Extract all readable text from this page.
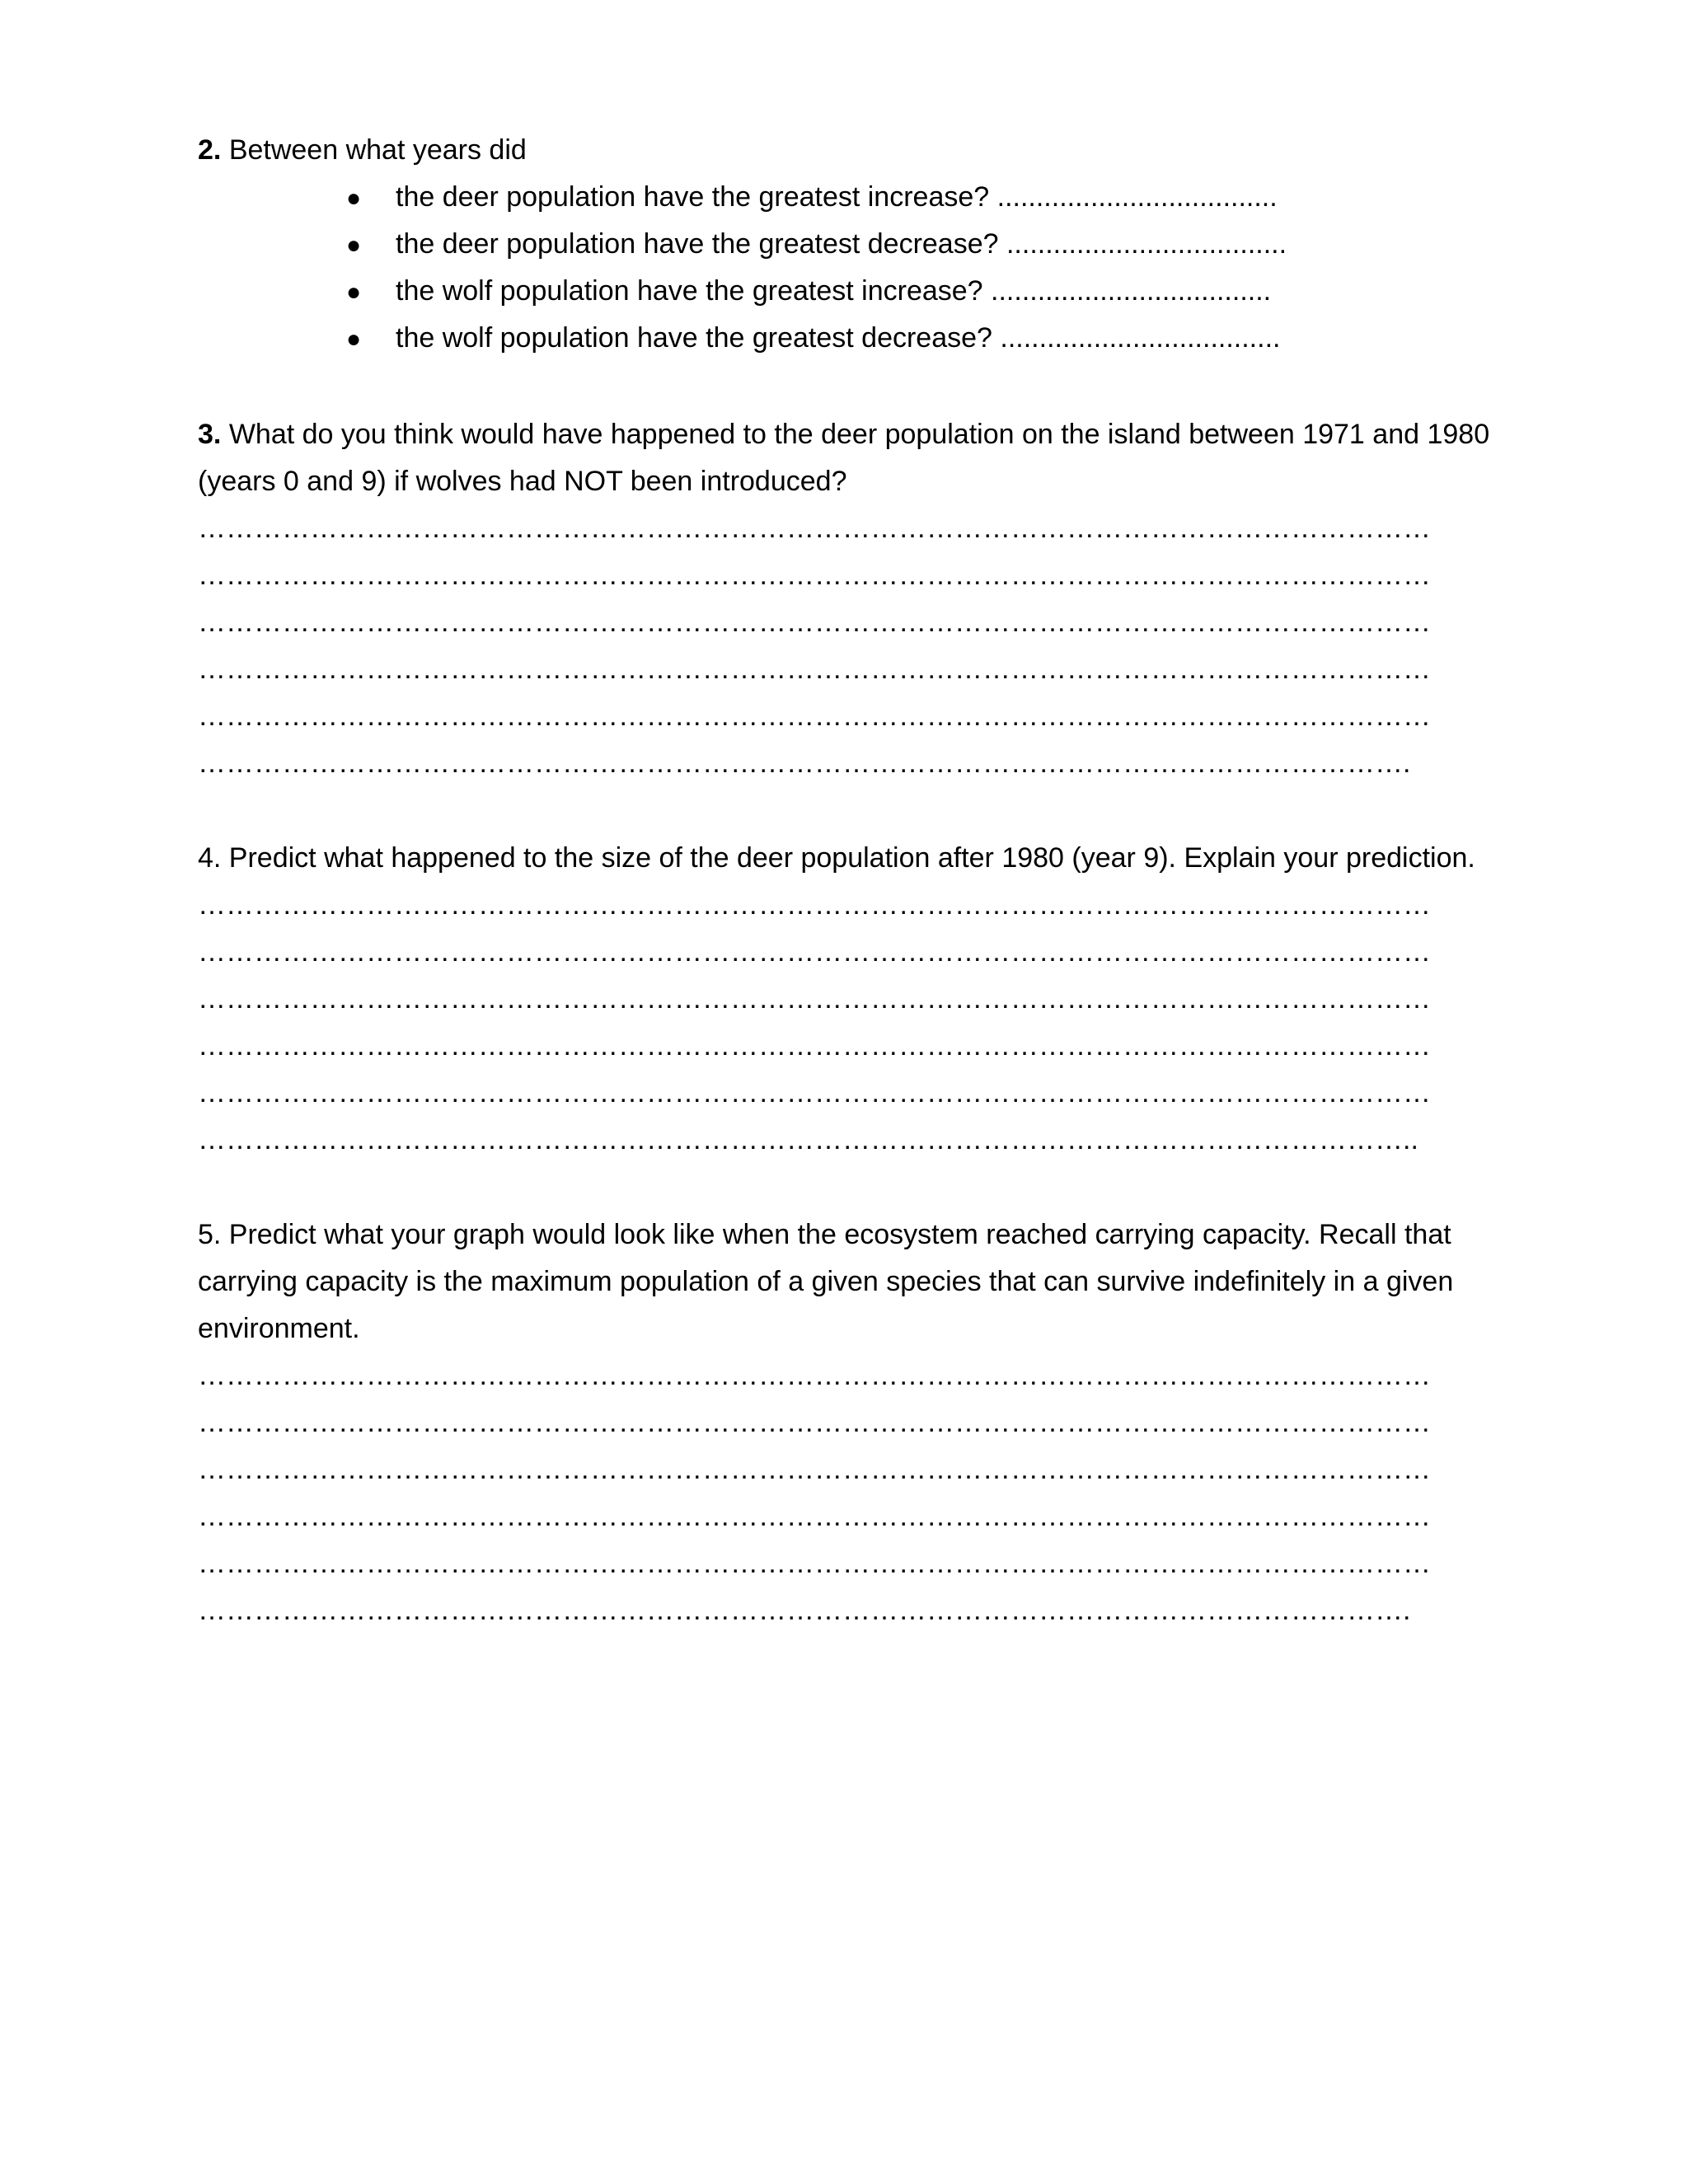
2. Between what years did
● the deer population have the greatest increase? ....................................
● the deer population have the greatest decrease? ....................................
● the wolf population have the greatest increase? ....................................
● the wolf population have the greatest decrease? ....................................
3. What do you think would have happened to the deer population on the island between 1971 and 1980
(years 0 and 9) if wolves had NOT been introduced?
……………………………………………………………………………………………………………………
……………………………………………………………………………………………………………………
……………………………………………………………………………………………………………………
……………………………………………………………………………………………………………………
……………………………………………………………………………………………………………………
………………………………………………………………………………………………………………….
4. Predict what happened to the size of the deer population after 1980 (year 9). Explain your prediction.
……………………………………………………………………………………………………………………
……………………………………………………………………………………………………………………
……………………………………………………………………………………………………………………
……………………………………………………………………………………………………………………
……………………………………………………………………………………………………………………
…………………………………………………………………………………………………………………..
5. Predict what your graph would look like when the ecosystem reached carrying capacity. Recall that
carrying capacity is the maximum population of a given species that can survive indefinitely in a given
environment.
……………………………………………………………………………………………………………………
……………………………………………………………………………………………………………………
……………………………………………………………………………………………………………………
……………………………………………………………………………………………………………………
……………………………………………………………………………………………………………………
………………………………………………………………………………………………………………….
